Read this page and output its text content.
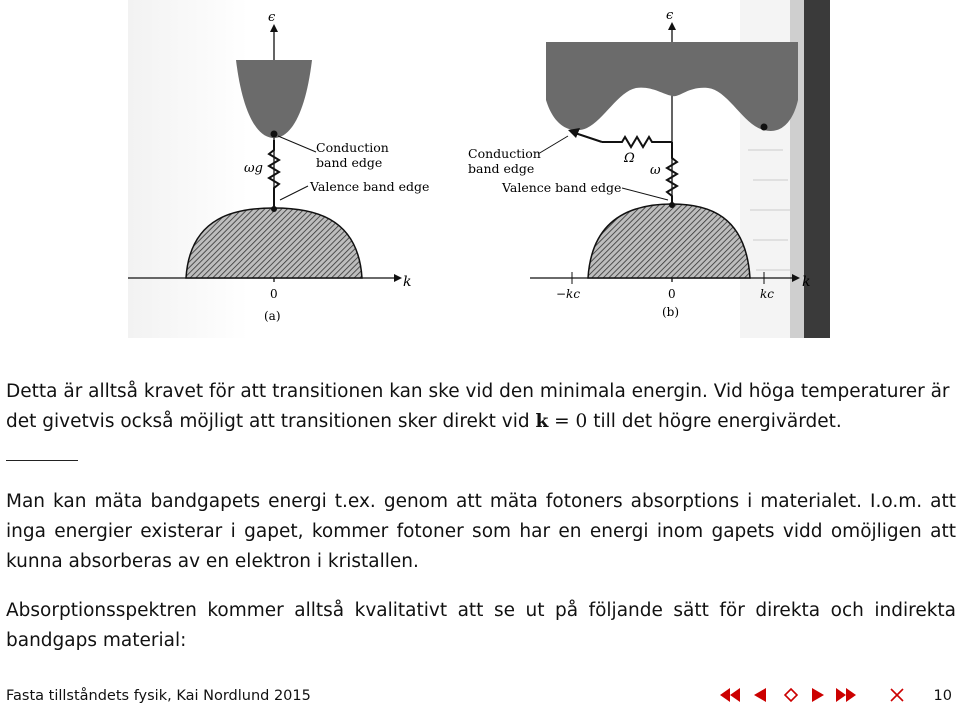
ϵ
k
0
ωg
Conduction
band edge
Valence band edge
(a)
ϵ
k
0
−kc	kc
ω
Ω
Conduction
band edge
Valence band edge
(b)

Detta är alltså kravet för att transitionen kan ske vid den minimala energin. Vid höga temperaturer är det givetvis också möjligt att transitionen sker direkt vid k = 0 till det högre energivärdet.

Man kan mäta bandgapets energi t.ex. genom att mäta fotoners absorptions i materialet. I.o.m. att inga energier existerar i gapet, kommer fotoner som har en energi inom gapets vidd omöjligen att kunna absorberas av en elektron i kristallen.

Absorptionsspektren kommer alltså kvalitativt att se ut på följande sätt för direkta och indirekta bandgaps material:

Fasta tillståndets fysik, Kai Nordlund 2015	10
